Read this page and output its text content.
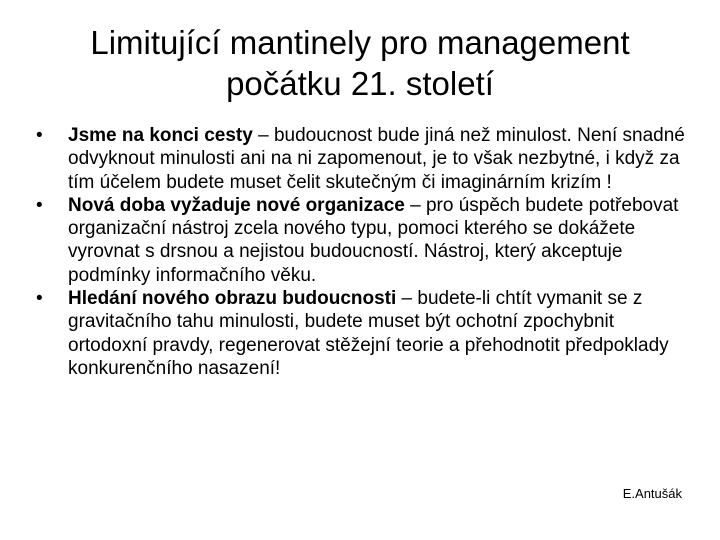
Limitující mantinely pro management
počátku 21. století
•	Jsme na konci cesty – budoucnost bude jiná než minulost. Není snadné odvyknout minulosti ani na ni zapomenout, je to však nezbytné, i když za tím účelem budete muset čelit skutečným či imaginárním krizím !
•	Nová doba vyžaduje nové organizace – pro úspěch budete potřebovat organizační nástroj zcela nového typu, pomoci kterého se dokážete vyrovnat s drsnou a nejistou budoucností. Nástroj, který akceptuje podmínky informačního věku.
•	Hledání nového obrazu budoucnosti – budete-li chtít vymanit se z gravitačního tahu minulosti, budete muset být ochotní zpochybnit ortodoxní pravdy, regenerovat stěžejní teorie a přehodnotit předpoklady konkurenčního nasazení!
E.Antušák
